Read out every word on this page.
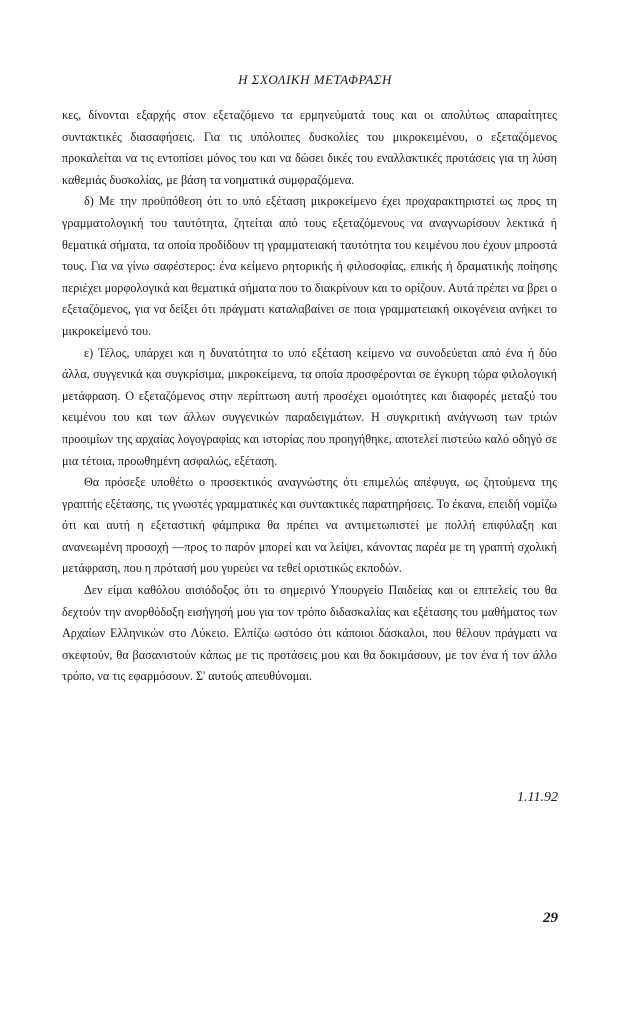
Η ΣΧΟΛΙΚΗ ΜΕΤΑΦΡΑΣΗ

κες, δίνονται εξαρχής στον εξεταζόμενο τα ερμηνεύματά τους και οι απολύτως απαραίτητες συντακτικές διασαφήσεις. Για τις υπόλοιπες δυσκολίες του μικροκειμένου, ο εξεταζόμενος προκαλείται να τις εντοπίσει μόνος του και να δώσει δικές του εναλλακτικές προτάσεις για τη λύση καθεμιάς δυσκολίας, με βάση τα νοηματικά συμφραζόμενα.

δ) Με την προϋπόθεση ότι το υπό εξέταση μικροκείμενο έχει προχαρακτηριστεί ως προς τη γραμματολογική του ταυτότητα, ζητείται από τους εξεταζόμενους να αναγνωρίσουν λεκτικά ή θεματικά σήματα, τα οποία προδίδουν τη γραμματειακή ταυτότητα του κειμένου που έχουν μπροστά τους. Για να γίνω σαφέστερος: ένα κείμενο ρητορικής ή φιλοσοφίας, επικής ή δραματικής ποίησης περιέχει μορφολογικά και θεματικά σήματα που το διακρίνουν και το ορίζουν. Αυτά πρέπει να βρει ο εξεταζόμενος, για να δείξει ότι πράγματι καταλαβαίνει σε ποια γραμματειακή οικογένεια ανήκει το μικροκείμενό του.

ε) Τέλος, υπάρχει και η δυνατότητα το υπό εξέταση κείμενο να συνοδεύεται από ένα ή δύο άλλα, συγγενικά και συγκρίσιμα, μικροκείμενα, τα οποία προσφέρονται σε έγκυρη τώρα φιλολογική μετάφραση. Ο εξεταζόμενος στην περίπτωση αυτή προσέχει ομοιότητες και διαφορές μεταξύ του κειμένου του και των άλλων συγγενικών παραδειγμάτων. Η συγκριτική ανάγνωση των τριών προοιμίων της αρχαίας λογογραφίας και ιστορίας που προηγήθηκε, αποτελεί πιστεύω καλό οδηγό σε μια τέτοια, προωθημένη ασφαλώς, εξέταση.

Θα πρόσεξε υποθέτω ο προσεκτικός αναγνώστης ότι επιμελώς απέφυγα, ως ζητούμενα της γραπτής εξέτασης, τις γνωστές γραμματικές και συντακτικές παρατηρήσεις. Το έκανα, επειδή νομίζω ότι και αυτή η εξεταστική φάμπρικα θα πρέπει να αντιμετωπιστεί με πολλή επιφύλαξη και ανανεωμένη προσοχή —προς το παρόν μπορεί και να λείψει, κάνοντας παρέα με τη γραπτή σχολική μετάφραση, που η πρότασή μου γυρεύει να τεθεί οριστικώς εκποδών.

Δεν είμαι καθόλου αισιόδοξος ότι το σημερινό Υπουργείο Παιδείας και οι επιτελείς του θα δεχτούν την ανορθόδοξη εισήγησή μου για τον τρόπο διδασκαλίας και εξέτασης του μαθήματος των Αρχαίων Ελληνικών στο Λύκειο. Ελπίζω ωστόσο ότι κάποιοι δάσκαλοι, που θέλουν πράγματι να σκεφτούν, θα βασανιστούν κάπως με τις προτάσεις μου και θα δοκιμάσουν, με τον ένα ή τον άλλο τρόπο, να τις εφαρμόσουν. Σ' αυτούς απευθύνομαι.

1.11.92
29
